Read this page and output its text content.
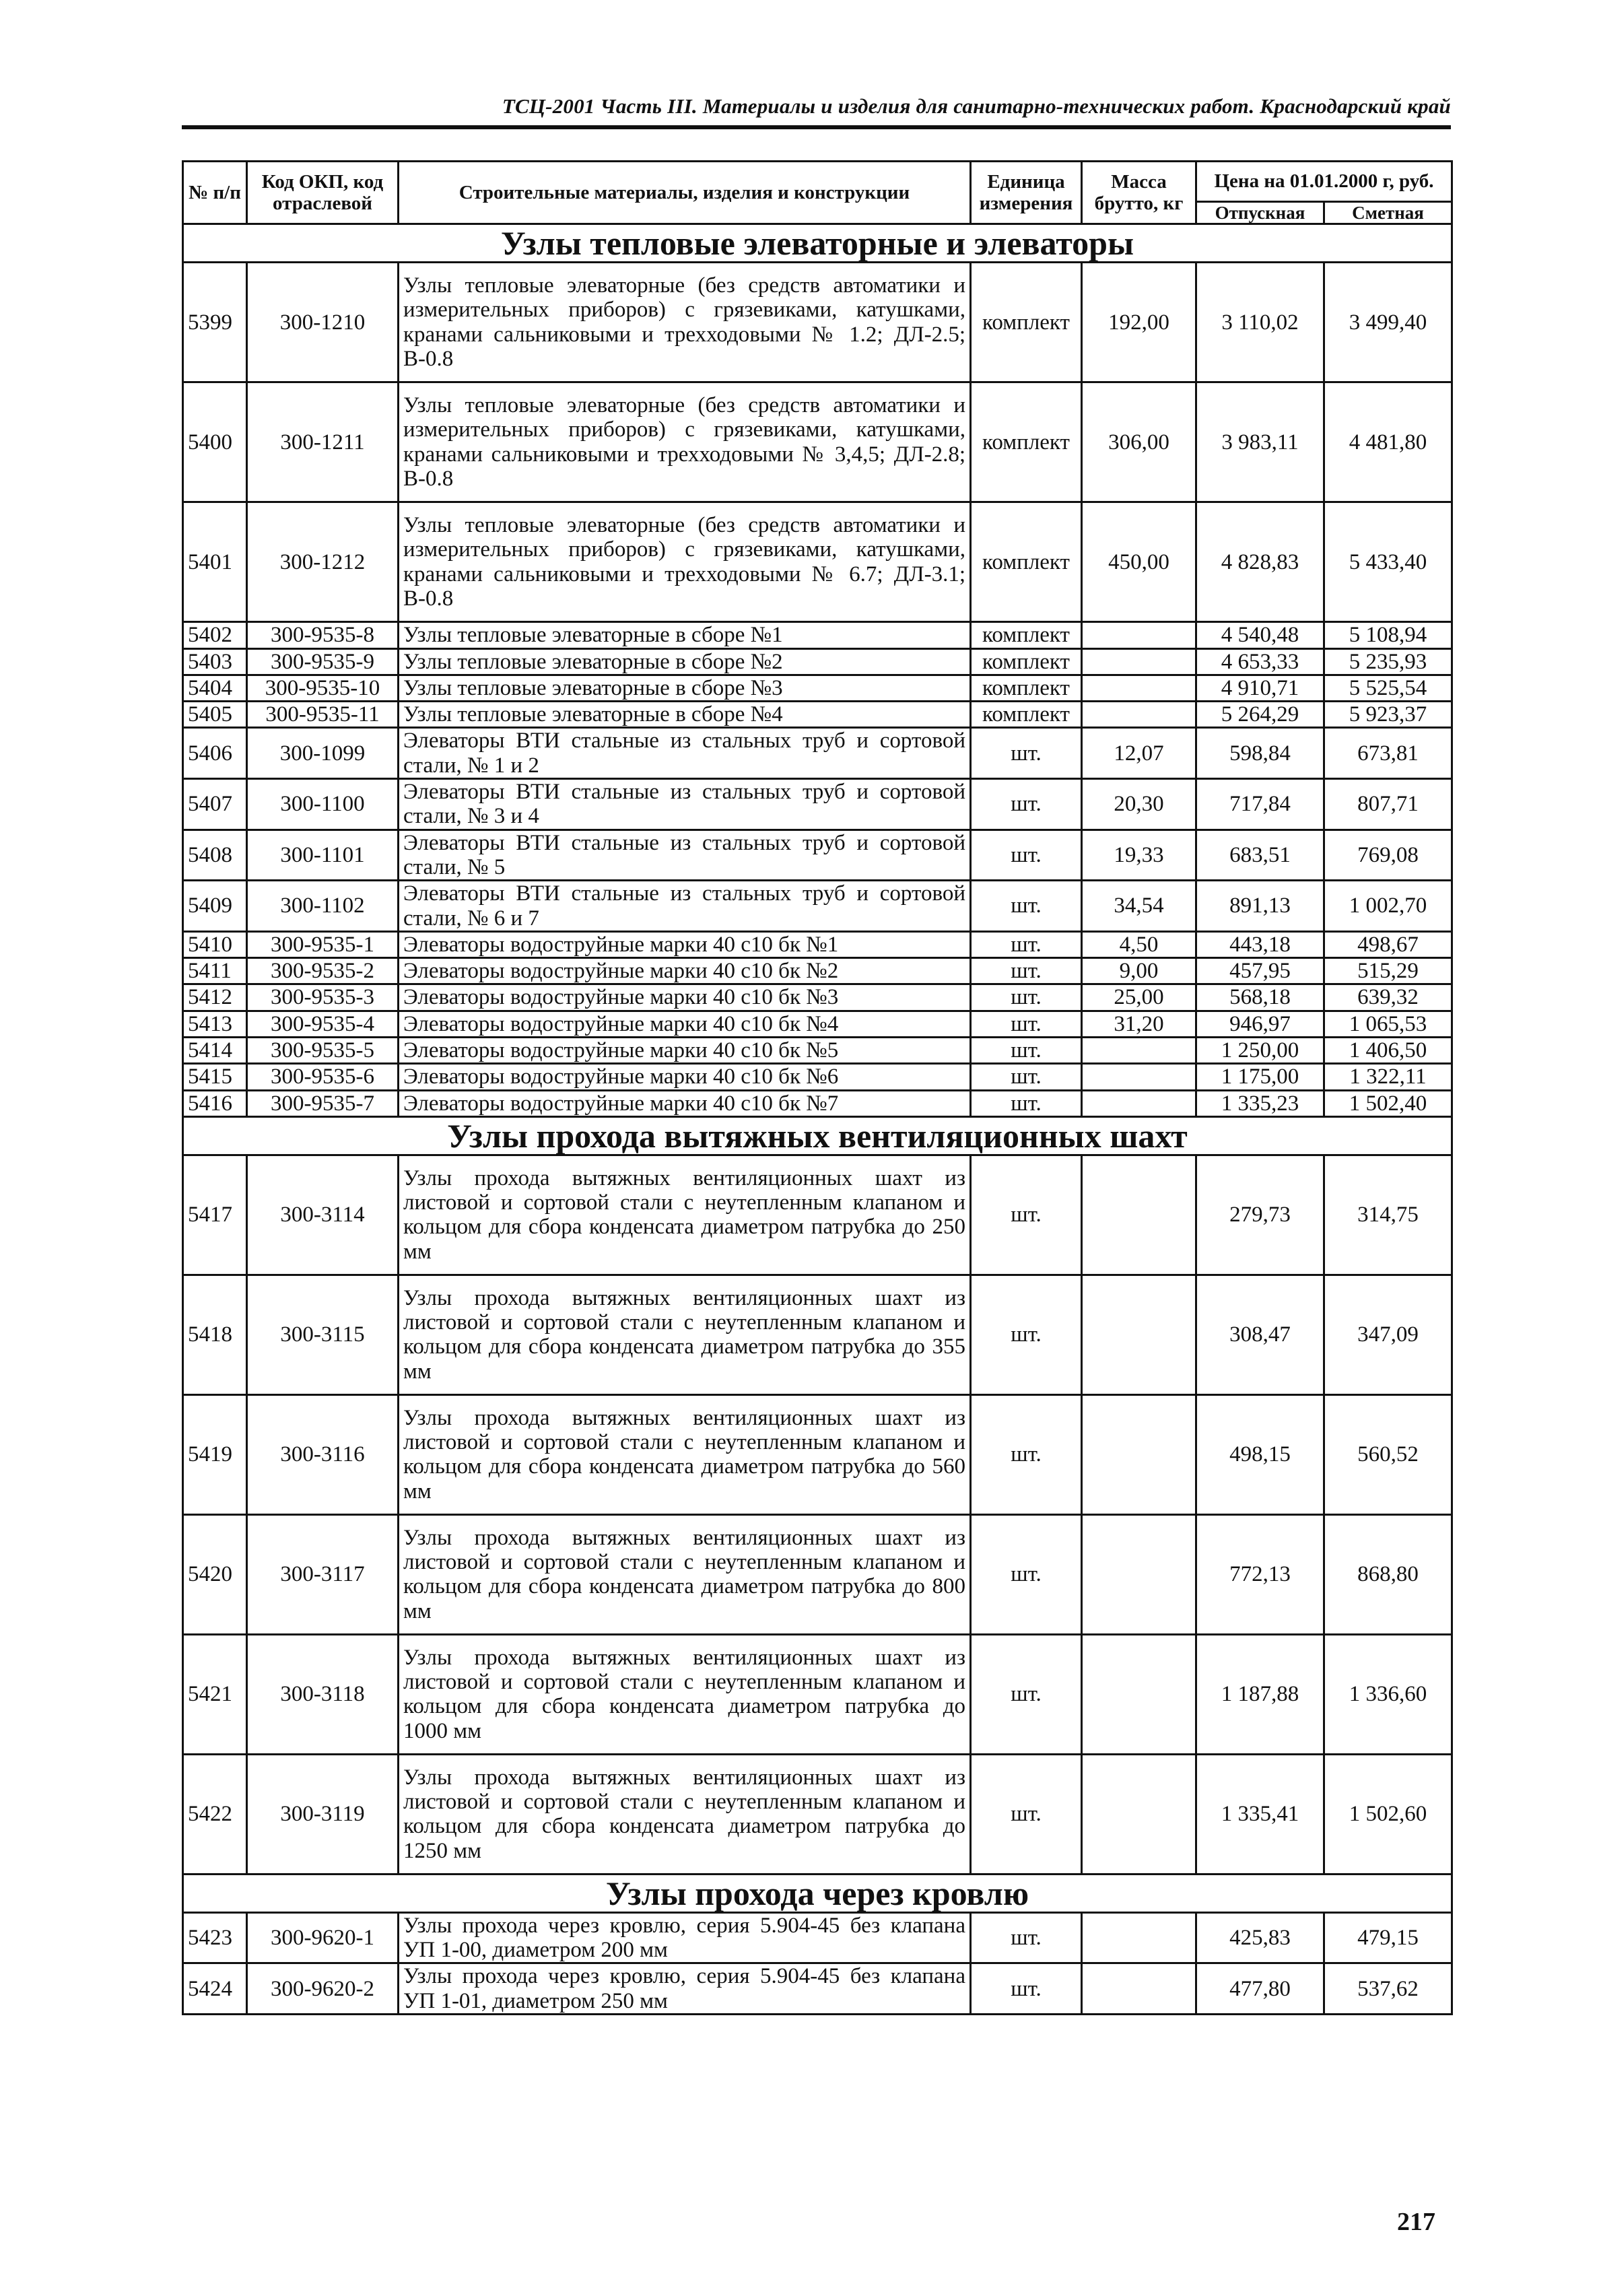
ТСЦ-2001 Часть III. Материалы и изделия для санитарно-технических работ. Краснодарский край
№ п/п	Код ОКП, код отраслевой	Строительные материалы, изделия и конструкции	Единица измерения	Масса брутто, кг	Цена на 01.01.2000 г, руб.	
					Отпускная	Сметная
Узлы тепловые элеваторные и элеваторы						
5399	300-1210	Узлы тепловые элеваторные (без средств автоматики и измерительных приборов) с грязевиками, катушками, кранами сальниковыми и трехходовыми № 1.2; ДЛ-2.5; В-0.8	комплект	192,00	3 110,02	3 499,40
5400	300-1211	Узлы тепловые элеваторные (без средств автоматики и измерительных приборов) с грязевиками, катушками, кранами сальниковыми и трехходовыми № 3,4,5; ДЛ-2.8; В-0.8	комплект	306,00	3 983,11	4 481,80
5401	300-1212	Узлы тепловые элеваторные (без средств автоматики и измерительных приборов) с грязевиками, катушками, кранами сальниковыми и трехходовыми № 6.7; ДЛ-3.1; В-0.8	комплект	450,00	4 828,83	5 433,40
5402	300-9535-8	Узлы тепловые элеваторные в сборе №1	комплект		4 540,48	5 108,94
5403	300-9535-9	Узлы тепловые элеваторные в сборе №2	комплект		4 653,33	5 235,93
5404	300-9535-10	Узлы тепловые элеваторные в сборе №3	комплект		4 910,71	5 525,54
5405	300-9535-11	Узлы тепловые элеваторные в сборе №4	комплект		5 264,29	5 923,37
5406	300-1099	Элеваторы ВТИ стальные из стальных труб и сортовой стали, № 1 и 2	шт.	12,07	598,84	673,81
5407	300-1100	Элеваторы ВТИ стальные из стальных труб и сортовой стали, № 3 и 4	шт.	20,30	717,84	807,71
5408	300-1101	Элеваторы ВТИ стальные из стальных труб и сортовой стали, № 5	шт.	19,33	683,51	769,08
5409	300-1102	Элеваторы ВТИ стальные из стальных труб и сортовой стали, № 6 и 7	шт.	34,54	891,13	1 002,70
5410	300-9535-1	Элеваторы водоструйные марки 40 с10 бк №1	шт.	4,50	443,18	498,67
5411	300-9535-2	Элеваторы водоструйные марки 40 с10 бк №2	шт.	9,00	457,95	515,29
5412	300-9535-3	Элеваторы водоструйные марки 40 с10 бк №3	шт.	25,00	568,18	639,32
5413	300-9535-4	Элеваторы водоструйные марки 40 с10 бк №4	шт.	31,20	946,97	1 065,53
5414	300-9535-5	Элеваторы водоструйные марки 40 с10 бк №5	шт.		1 250,00	1 406,50
5415	300-9535-6	Элеваторы водоструйные марки 40 с10 бк №6	шт.		1 175,00	1 322,11
5416	300-9535-7	Элеваторы водоструйные марки 40 с10 бк №7	шт.		1 335,23	1 502,40
Узлы прохода вытяжных вентиляционных шахт						
5417	300-3114	Узлы прохода вытяжных вентиляционных шахт из листовой и сортовой стали с неутепленным клапаном и кольцом для сбора конденсата диаметром патрубка до 250 мм	шт.		279,73	314,75
5418	300-3115	Узлы прохода вытяжных вентиляционных шахт из листовой и сортовой стали с неутепленным клапаном и кольцом для сбора конденсата диаметром патрубка до 355 мм	шт.		308,47	347,09
5419	300-3116	Узлы прохода вытяжных вентиляционных шахт из листовой и сортовой стали с неутепленным клапаном и кольцом для сбора конденсата диаметром патрубка до 560 мм	шт.		498,15	560,52
5420	300-3117	Узлы прохода вытяжных вентиляционных шахт из листовой и сортовой стали с неутепленным клапаном и кольцом для сбора конденсата диаметром патрубка до 800 мм	шт.		772,13	868,80
5421	300-3118	Узлы прохода вытяжных вентиляционных шахт из листовой и сортовой стали с неутепленным клапаном и кольцом для сбора конденсата диаметром патрубка до 1000 мм	шт.		1 187,88	1 336,60
5422	300-3119	Узлы прохода вытяжных вентиляционных шахт из листовой и сортовой стали с неутепленным клапаном и кольцом для сбора конденсата диаметром патрубка до 1250 мм	шт.		1 335,41	1 502,60
Узлы прохода через кровлю						
5423	300-9620-1	Узлы прохода через кровлю, серия 5.904-45 без клапана УП 1-00, диаметром 200 мм	шт.		425,83	479,15
5424	300-9620-2	Узлы прохода через кровлю, серия 5.904-45 без клапана УП 1-01, диаметром 250 мм	шт.		477,80	537,62
217
